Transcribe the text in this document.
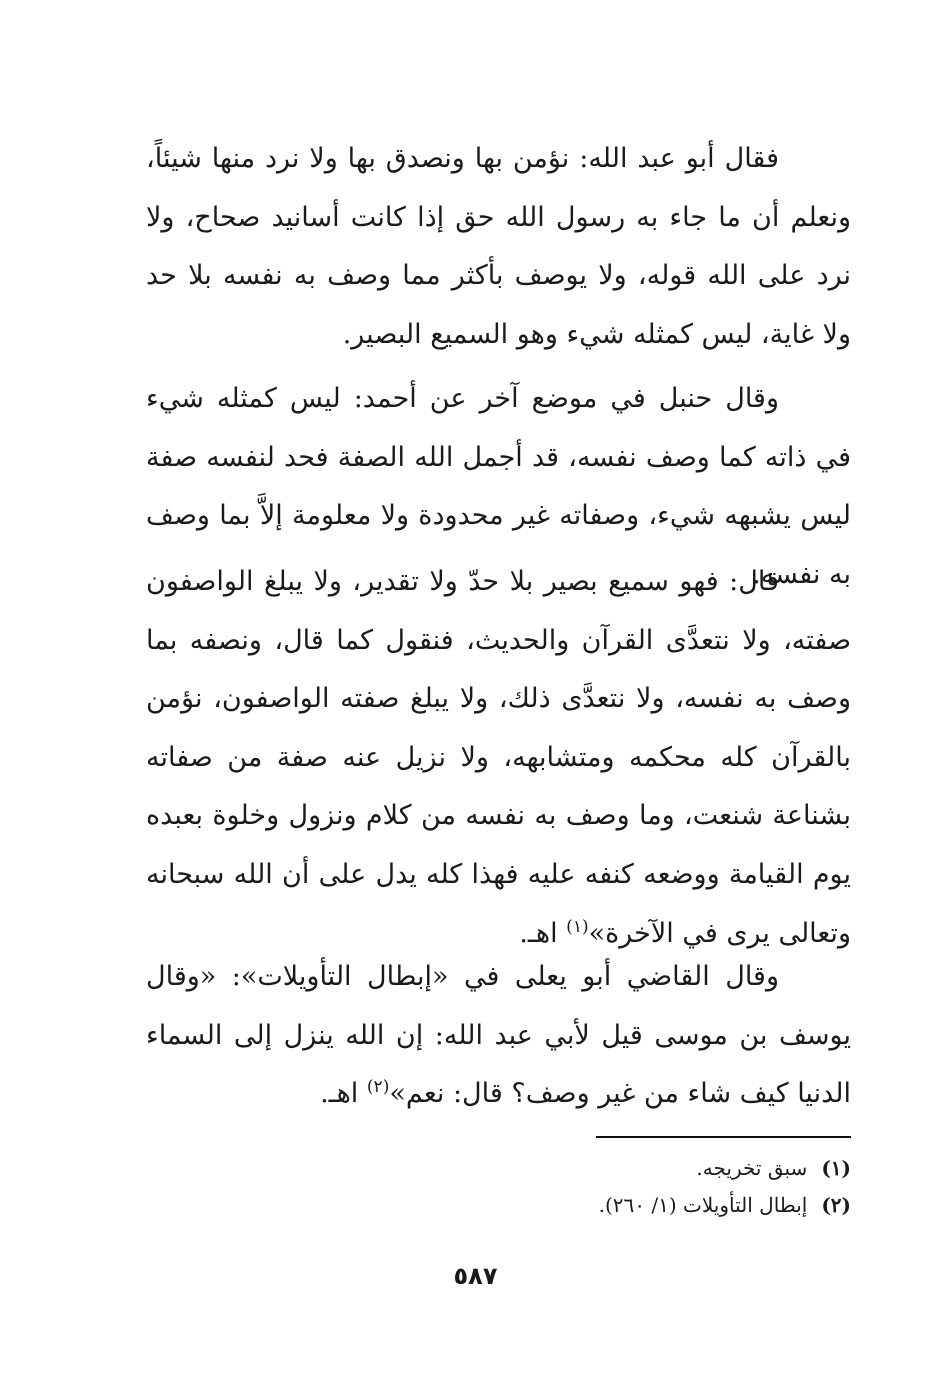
فقال أبو عبد الله: نؤمن بها ونصدق بها ولا نرد منها شيئاً، ونعلم أن ما جاء به رسول الله حق إذا كانت أسانيد صحاح، ولا نرد على الله قوله، ولا يوصف بأكثر مما وصف به نفسه بلا حد ولا غاية، ليس كمثله شيء وهو السميع البصير.

وقال حنبل في موضع آخر عن أحمد: ليس كمثله شيء في ذاته كما وصف نفسه، قد أجمل الله الصفة فحد لنفسه صفة ليس يشبهه شيء، وصفاته غير محدودة ولا معلومة إلاَّ بما وصف به نفسه.

قال: فهو سميع بصير بلا حدّ ولا تقدير، ولا يبلغ الواصفون صفته، ولا نتعدَّى القرآن والحديث، فنقول كما قال، ونصفه بما وصف به نفسه، ولا نتعدَّى ذلك، ولا يبلغ صفته الواصفون، نؤمن بالقرآن كله محكمه ومتشابهه، ولا نزيل عنه صفة من صفاته بشناعة شنعت، وما وصف به نفسه من كلام ونزول وخلوة بعبده يوم القيامة ووضعه كنفه عليه فهذا كله يدل على أن الله سبحانه وتعالى يرى في الآخرة»$^{(١)}$ اهـ.

وقال القاضي أبو يعلى في «إبطال التأويلات»: «وقال يوسف بن موسى قيل لأبي عبد الله: إن الله ينزل إلى السماء الدنيا كيف شاء من غير وصف؟ قال: نعم»$^{(٢)}$ اهـ.

(١)سبق تخريجه.
(٢)إبطال التأويلات (١/ ٢٦٠).
٥٨٧
